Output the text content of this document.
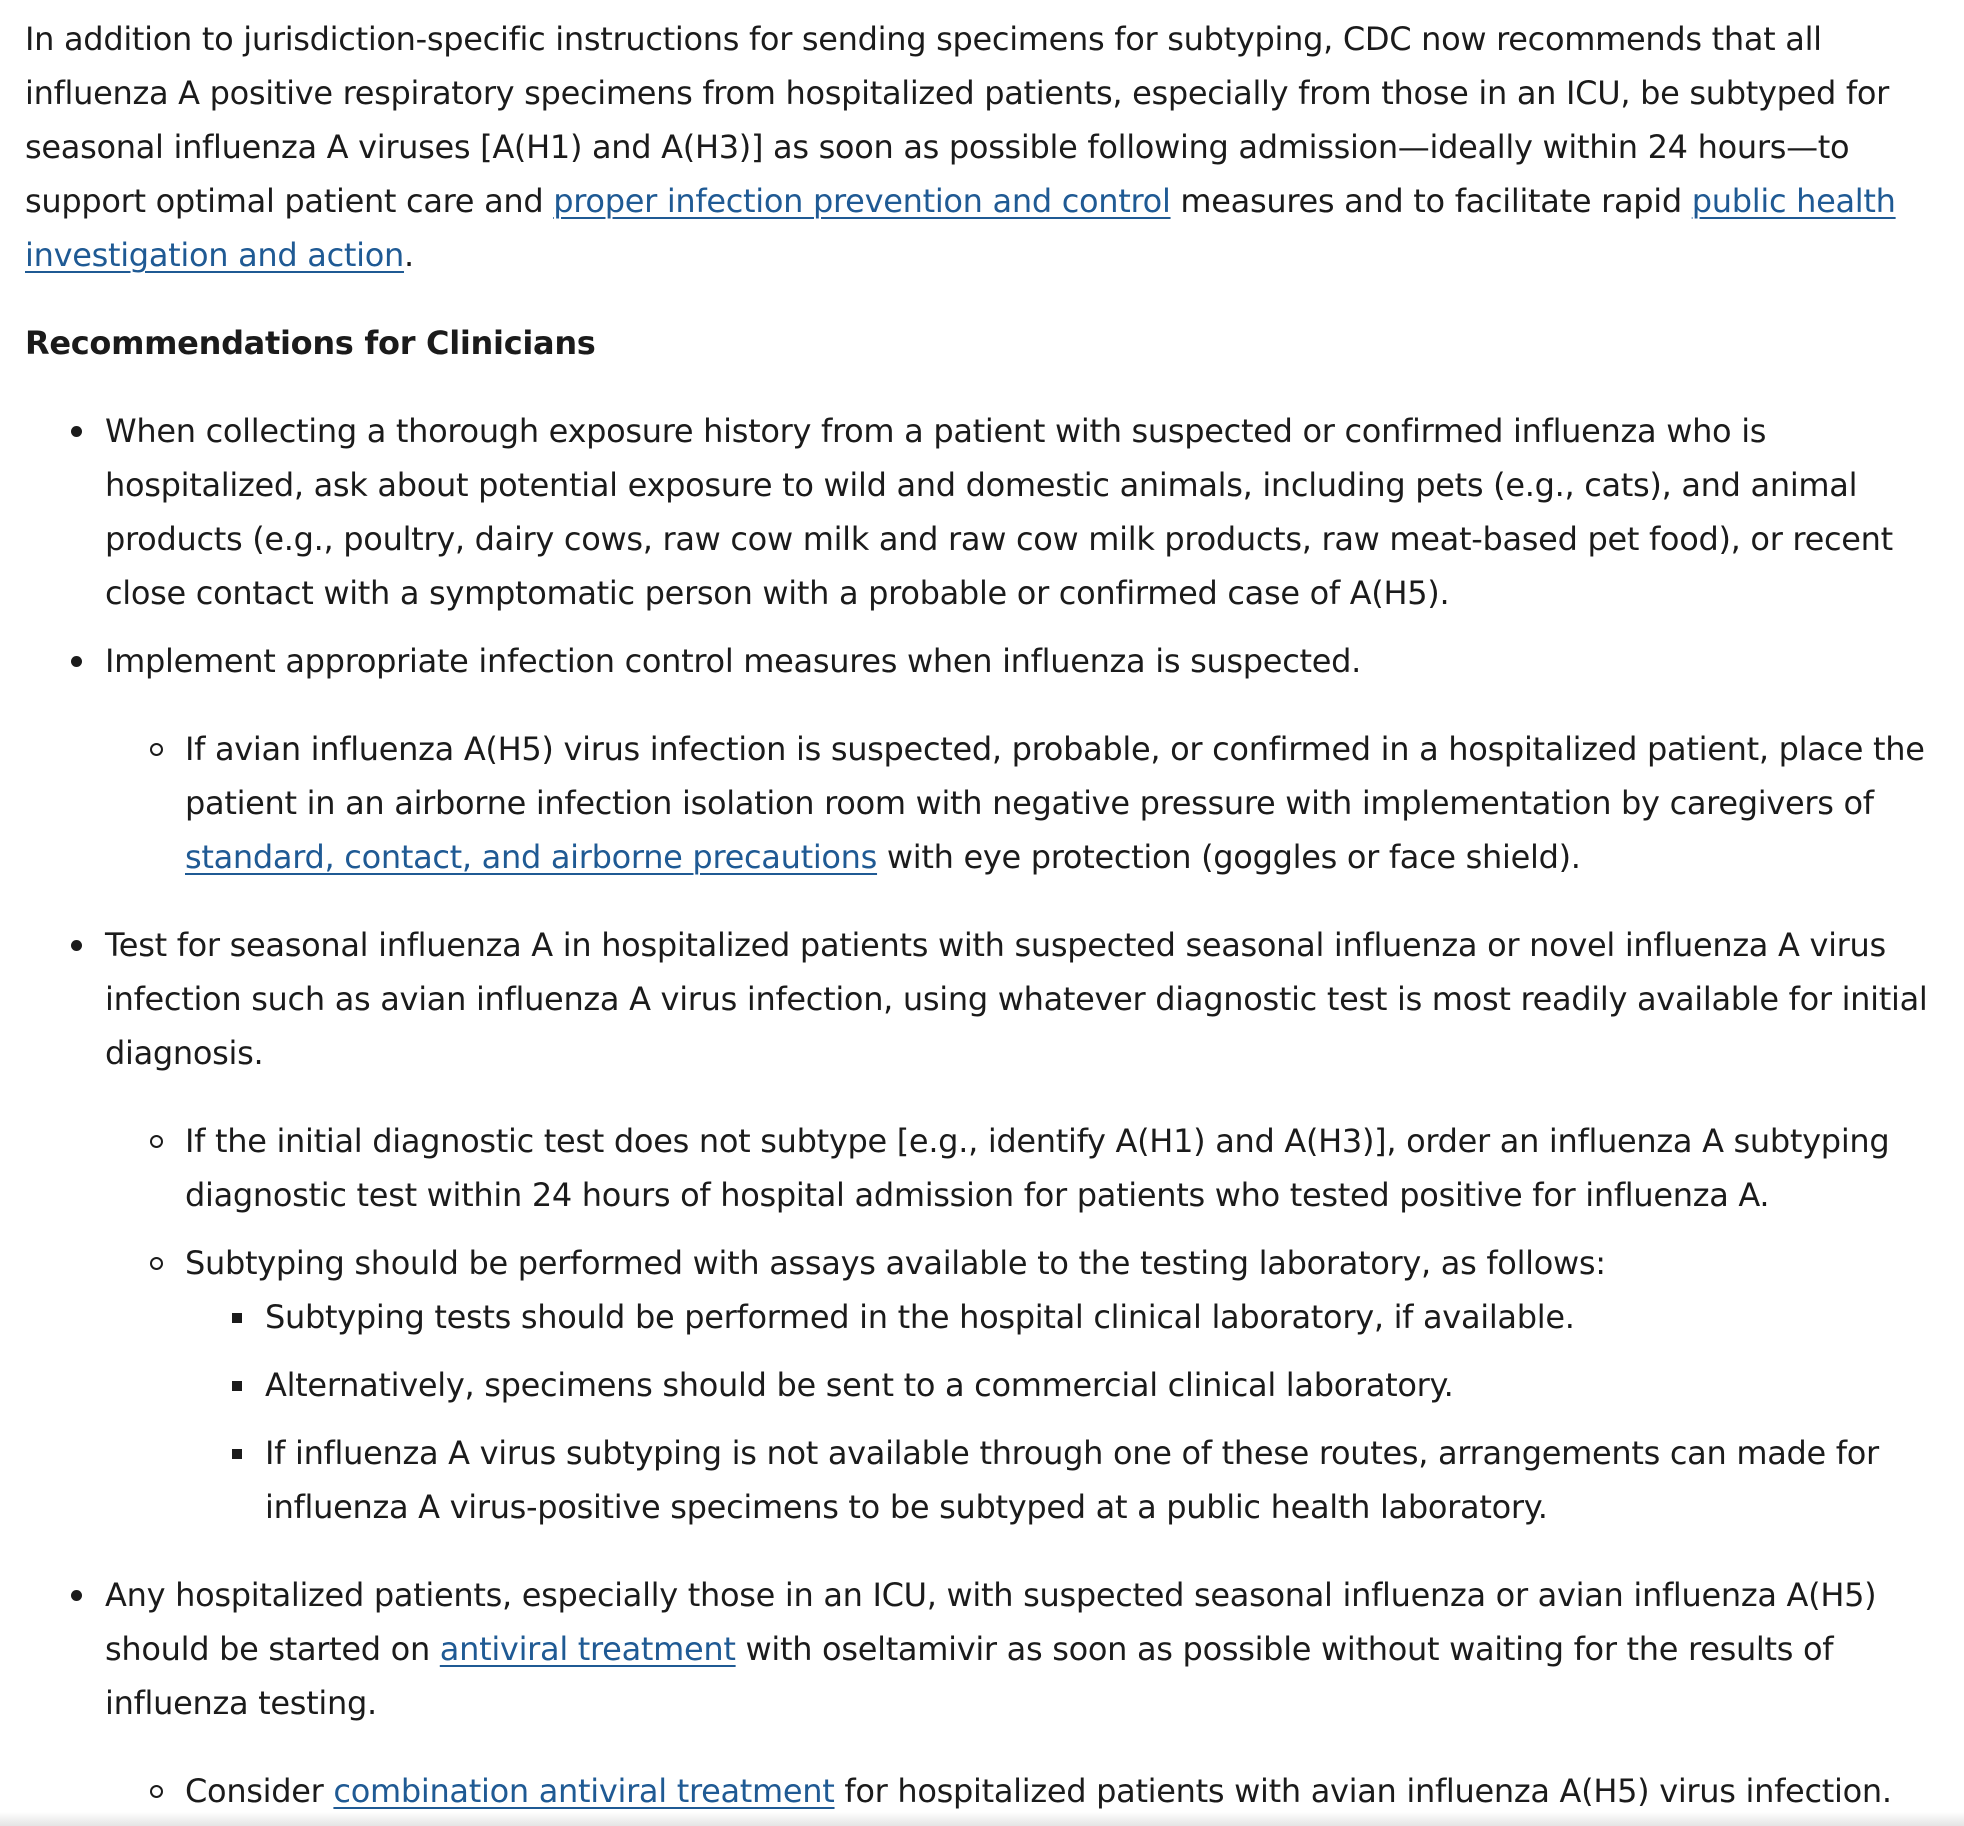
In addition to jurisdiction-specific instructions for sending specimens for subtyping, CDC now recommends that all influenza A positive respiratory specimens from hospitalized patients, especially from those in an ICU, be subtyped for seasonal influenza A viruses [A(H1) and A(H3)] as soon as possible following admission—ideally within 24 hours—to support optimal patient care and proper infection prevention and control measures and to facilitate rapid public health investigation and action.

Recommendations for Clinicians
When collecting a thorough exposure history from a patient with suspected or confirmed influenza who is hospitalized, ask about potential exposure to wild and domestic animals, including pets (e.g., cats), and animal products (e.g., poultry, dairy cows, raw cow milk and raw cow milk products, raw meat-based pet food), or recent close contact with a symptomatic person with a probable or confirmed case of A(H5).
Implement appropriate infection control measures when influenza is suspected.
If avian influenza A(H5) virus infection is suspected, probable, or confirmed in a hospitalized patient, place the patient in an airborne infection isolation room with negative pressure with implementation by caregivers of standard, contact, and airborne precautions with eye protection (goggles or face shield).
Test for seasonal influenza A in hospitalized patients with suspected seasonal influenza or novel influenza A virus infection such as avian influenza A virus infection, using whatever diagnostic test is most readily available for initial diagnosis.
If the initial diagnostic test does not subtype [e.g., identify A(H1) and A(H3)], order an influenza A subtyping diagnostic test within 24 hours of hospital admission for patients who tested positive for influenza A.
Subtyping should be performed with assays available to the testing laboratory, as follows:
Subtyping tests should be performed in the hospital clinical laboratory, if available.
Alternatively, specimens should be sent to a commercial clinical laboratory.
If influenza A virus subtyping is not available through one of these routes, arrangements can made for influenza A virus-positive specimens to be subtyped at a public health laboratory.
Any hospitalized patients, especially those in an ICU, with suspected seasonal influenza or avian influenza A(H5) should be started on antiviral treatment with oseltamivir as soon as possible without waiting for the results of influenza testing.
Consider combination antiviral treatment for hospitalized patients with avian influenza A(H5) virus infection.
